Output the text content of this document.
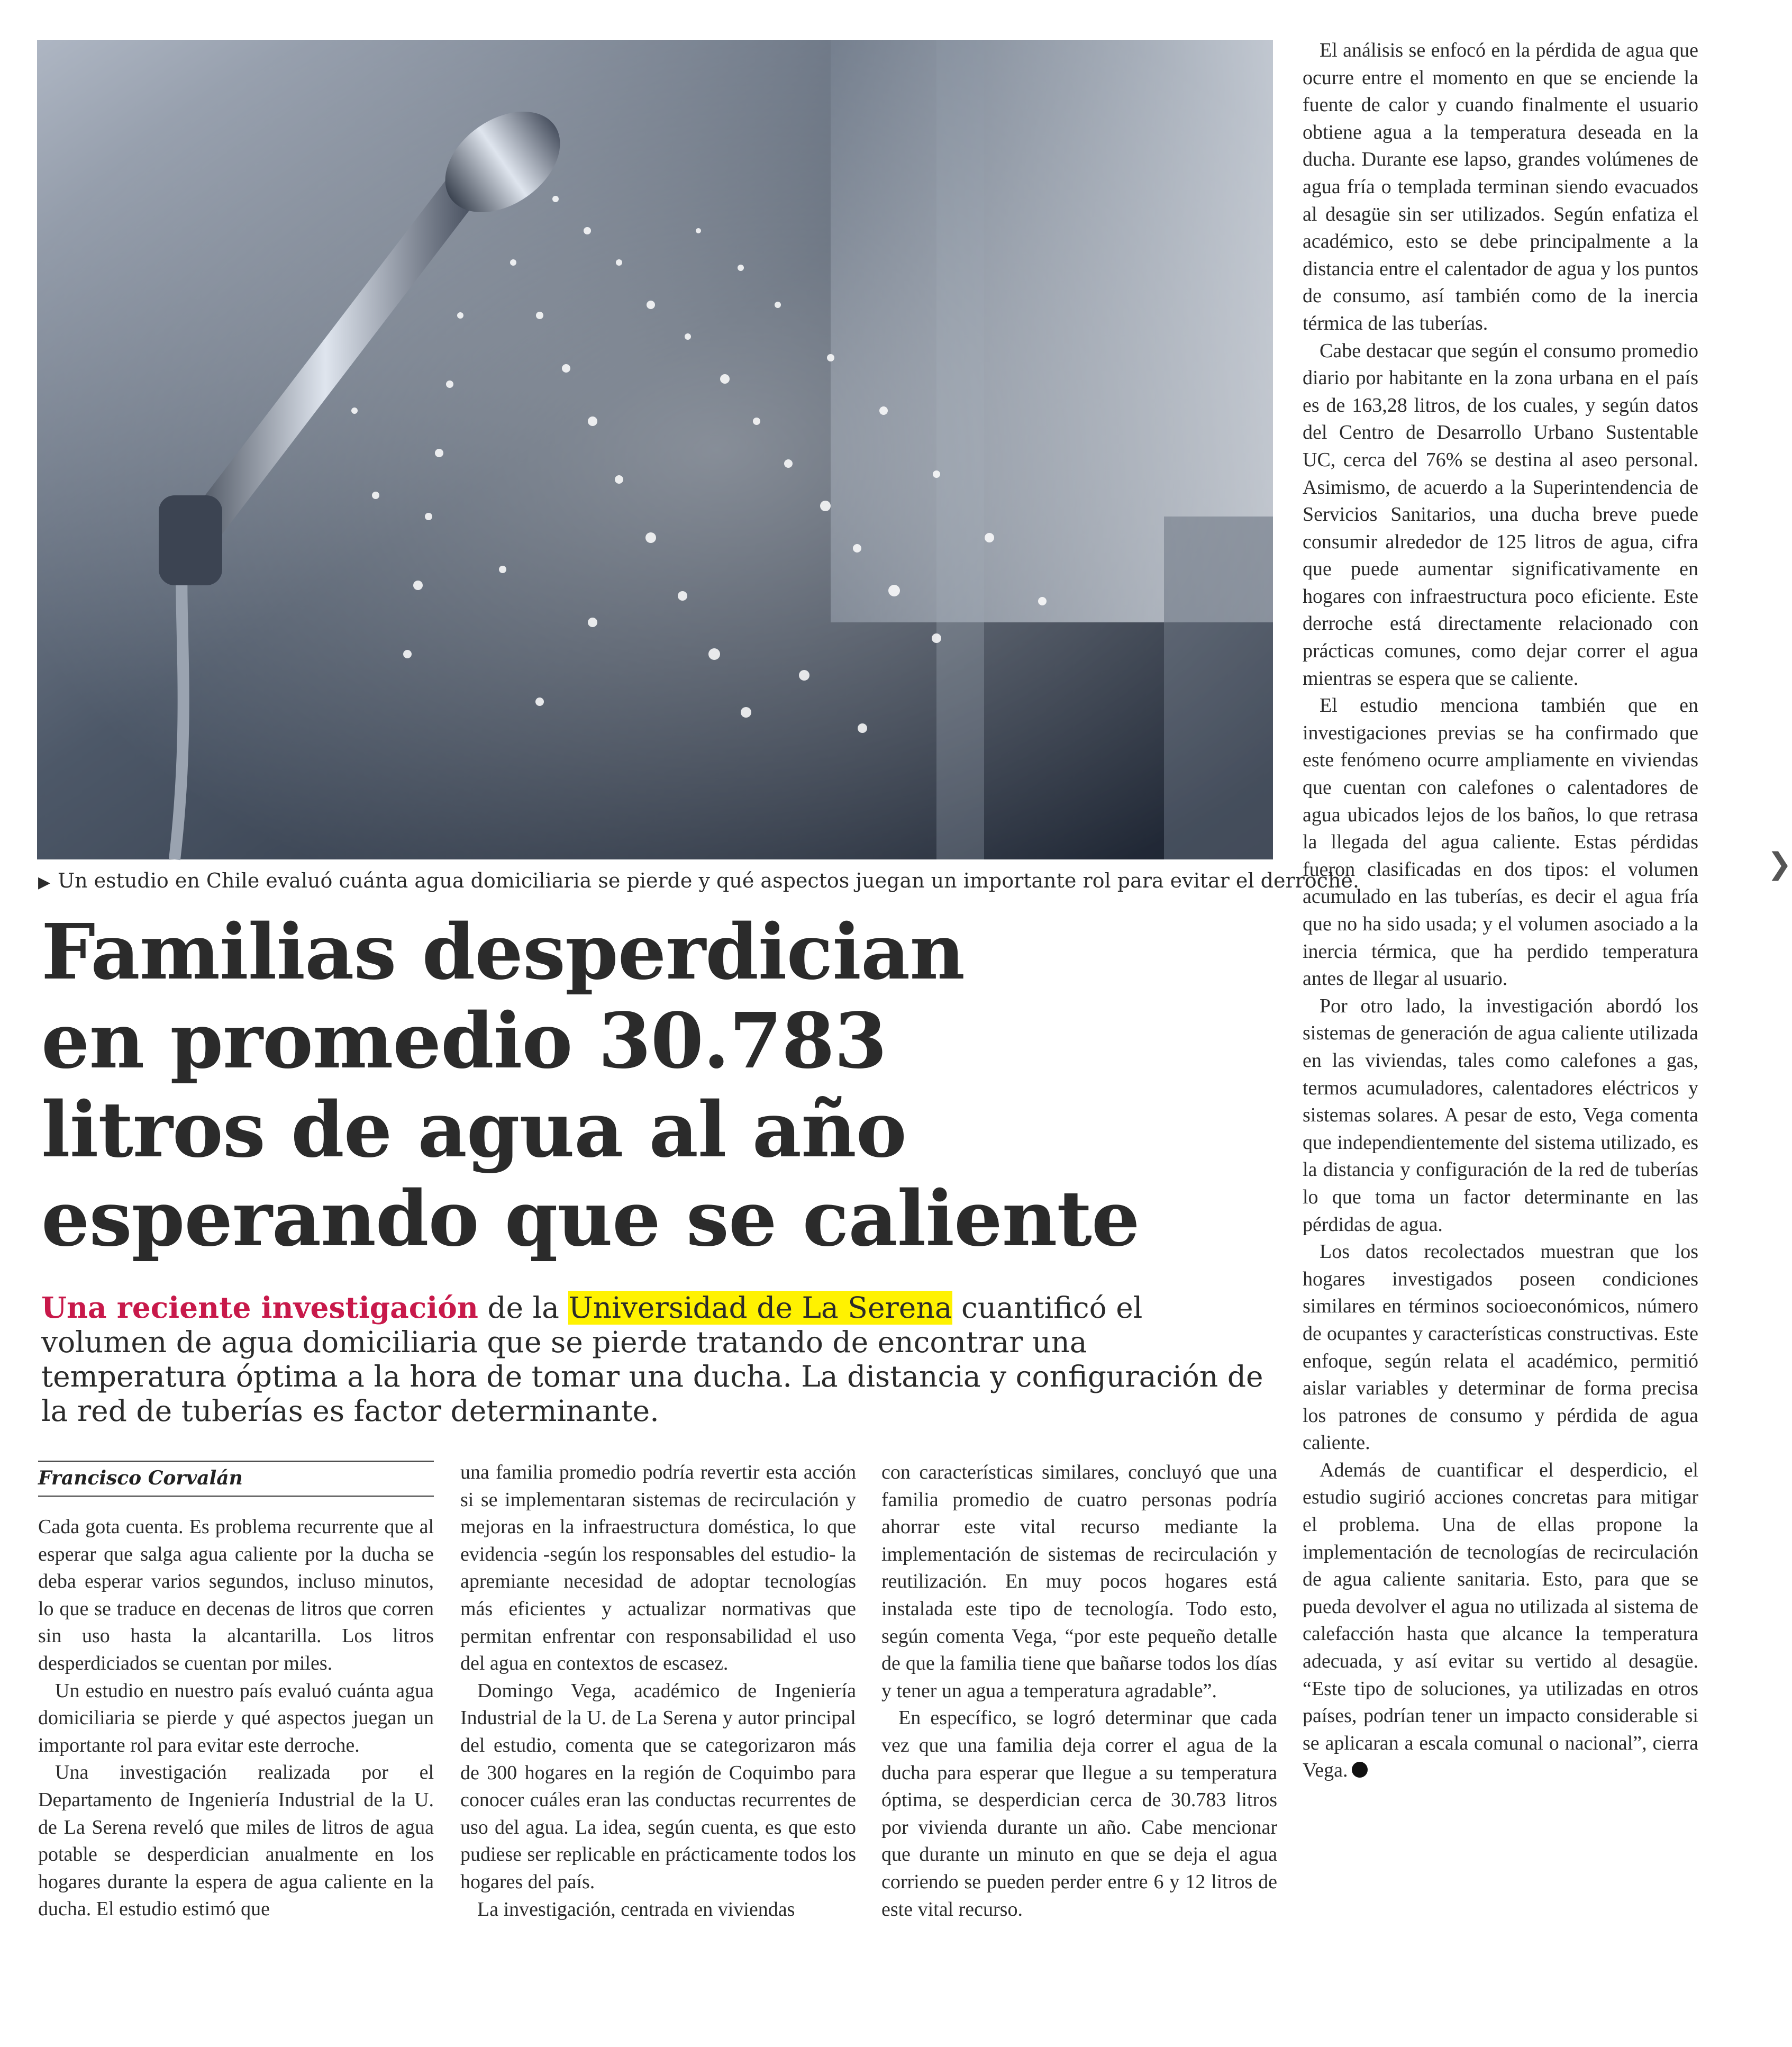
▶ Un estudio en Chile evaluó cuánta agua domiciliaria se pierde y qué aspectos juegan un importante rol para evitar el derroche.
Familias desperdician
en promedio 30.783
litros de agua al año
esperando que se caliente
Una reciente investigación de la Universidad de La Serena cuantificó el volumen de agua domiciliaria que se pierde tratando de encontrar una temperatura óptima a la hora de tomar una ducha. La distancia y configuración de la red de tuberías es factor determinante.
Francisco Corvalán

Cada gota cuenta. Es problema recurrente que al esperar que salga agua caliente por la ducha se deba esperar varios segundos, incluso minutos, lo que se traduce en decenas de litros que corren sin uso hasta la alcantarilla. Los litros desperdiciados se cuentan por miles.

Un estudio en nuestro país evaluó cuánta agua domiciliaria se pierde y qué aspectos juegan un importante rol para evitar este derroche.

Una investigación realizada por el Departamento de Ingeniería Industrial de la U. de La Serena reveló que miles de litros de agua potable se desperdician anualmente en los hogares durante la espera de agua caliente en la ducha. El estudio estimó que

una familia promedio podría revertir esta acción si se implementaran sistemas de recirculación y mejoras en la infraestructura doméstica, lo que evidencia -según los responsables del estudio- la apremiante necesidad de adoptar tecnologías más eficientes y actualizar normativas que permitan enfrentar con responsabilidad el uso del agua en contextos de escasez.

Domingo Vega, académico de Ingeniería Industrial de la U. de La Serena y autor principal del estudio, comenta que se categorizaron más de 300 hogares en la región de Coquimbo para conocer cuáles eran las conductas recurrentes de uso del agua. La idea, según cuenta, es que esto pudiese ser replicable en prácticamente todos los hogares del país.

La investigación, centrada en viviendas

con características similares, concluyó que una familia promedio de cuatro personas podría ahorrar este vital recurso mediante la implementación de sistemas de recirculación y reutilización. En muy pocos hogares está instalada este tipo de tecnología. Todo esto, según comenta Vega, “por este pequeño detalle de que la familia tiene que bañarse todos los días y tener un agua a temperatura agradable”.

En específico, se logró determinar que cada vez que una familia deja correr el agua de la ducha para esperar que llegue a su temperatura óptima, se desperdician cerca de 30.783 litros por vivienda durante un año. Cabe mencionar que durante un minuto en que se deja el agua corriendo se pueden perder entre 6 y 12 litros de este vital recurso.

El análisis se enfocó en la pérdida de agua que ocurre entre el momento en que se enciende la fuente de calor y cuando finalmente el usuario obtiene agua a la temperatura deseada en la ducha. Durante ese lapso, grandes volúmenes de agua fría o templada terminan siendo evacuados al desagüe sin ser utilizados. Según enfatiza el académico, esto se debe principalmente a la distancia entre el calentador de agua y los puntos de consumo, así también como de la inercia térmica de las tuberías.

Cabe destacar que según el consumo promedio diario por habitante en la zona urbana en el país es de 163,28 litros, de los cuales, y según datos del Centro de Desarrollo Urbano Sustentable UC, cerca del 76% se destina al aseo personal. Asimismo, de acuerdo a la Superintendencia de Servicios Sanitarios, una ducha breve puede consumir alrededor de 125 litros de agua, cifra que puede aumentar significativamente en hogares con infraestructura poco eficiente. Este derroche está directamente relacionado con prácticas comunes, como dejar correr el agua mientras se espera que se caliente.

El estudio menciona también que en investigaciones previas se ha confirmado que este fenómeno ocurre ampliamente en viviendas que cuentan con calefones o calentadores de agua ubicados lejos de los baños, lo que retrasa la llegada del agua caliente. Estas pérdidas fueron clasificadas en dos tipos: el volumen acumulado en las tuberías, es decir el agua fría que no ha sido usada; y el volumen asociado a la inercia térmica, que ha perdido temperatura antes de llegar al usuario.

Por otro lado, la investigación abordó los sistemas de generación de agua caliente utilizada en las viviendas, tales como calefones a gas, termos acumuladores, calentadores eléctricos y sistemas solares. A pesar de esto, Vega comenta que independientemente del sistema utilizado, es la distancia y configuración de la red de tuberías lo que toma un factor determinante en las pérdidas de agua.

Los datos recolectados muestran que los hogares investigados poseen condiciones similares en términos socioeconómicos, número de ocupantes y características constructivas. Este enfoque, según relata el académico, permitió aislar variables y determinar de forma precisa los patrones de consumo y pérdida de agua caliente.

Además de cuantificar el desperdicio, el estudio sugirió acciones concretas para mitigar el problema. Una de ellas propone la implementación de tecnologías de recirculación de agua caliente sanitaria. Esto, para que se pueda devolver el agua no utilizada al sistema de calefacción hasta que alcance la temperatura adecuada, y así evitar su vertido al desagüe. “Este tipo de soluciones, ya utilizadas en otros países, podrían tener un impacto considerable si se aplicaran a escala comunal o nacional”, cierra Vega.

❯
